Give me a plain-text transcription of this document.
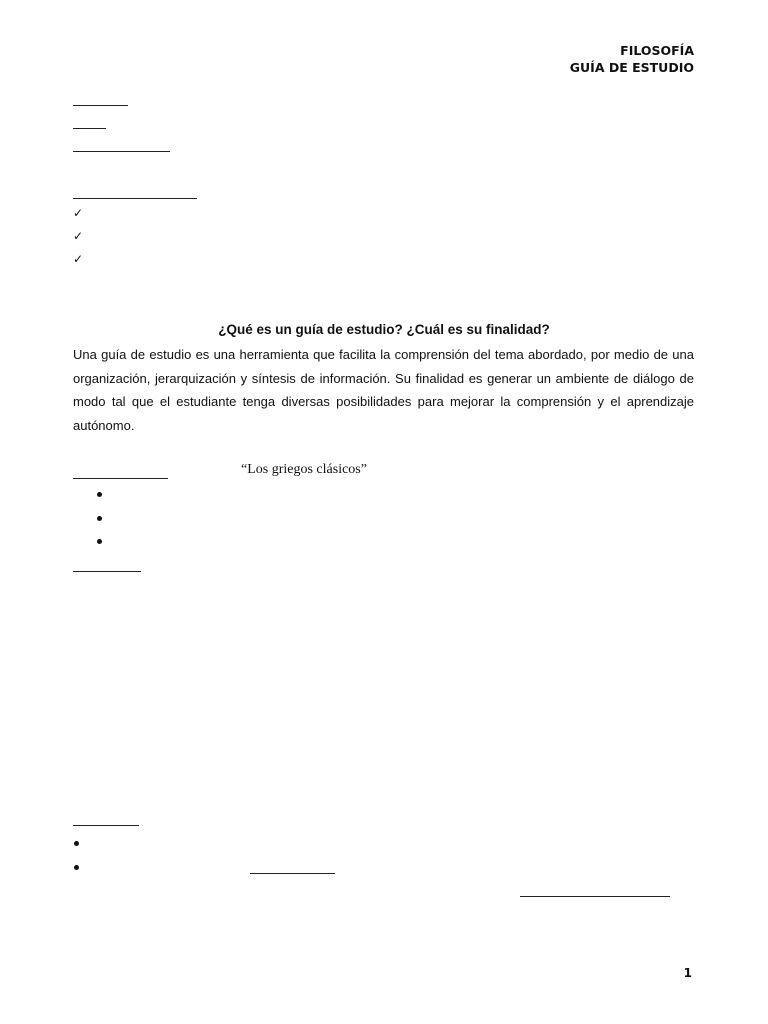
FILOSOFÍA
GUÍA DE ESTUDIO
✓
✓
✓
¿Qué es un guía de estudio? ¿Cuál es su finalidad?
Una guía de estudio es una herramienta que facilita la comprensión del tema abordado, por medio de una organización, jerarquización y síntesis de información. Su finalidad es generar un ambiente de diálogo de modo tal que el estudiante tenga diversas posibilidades para mejorar la comprensión y el aprendizaje autónomo.
“Los griegos clásicos”
1
